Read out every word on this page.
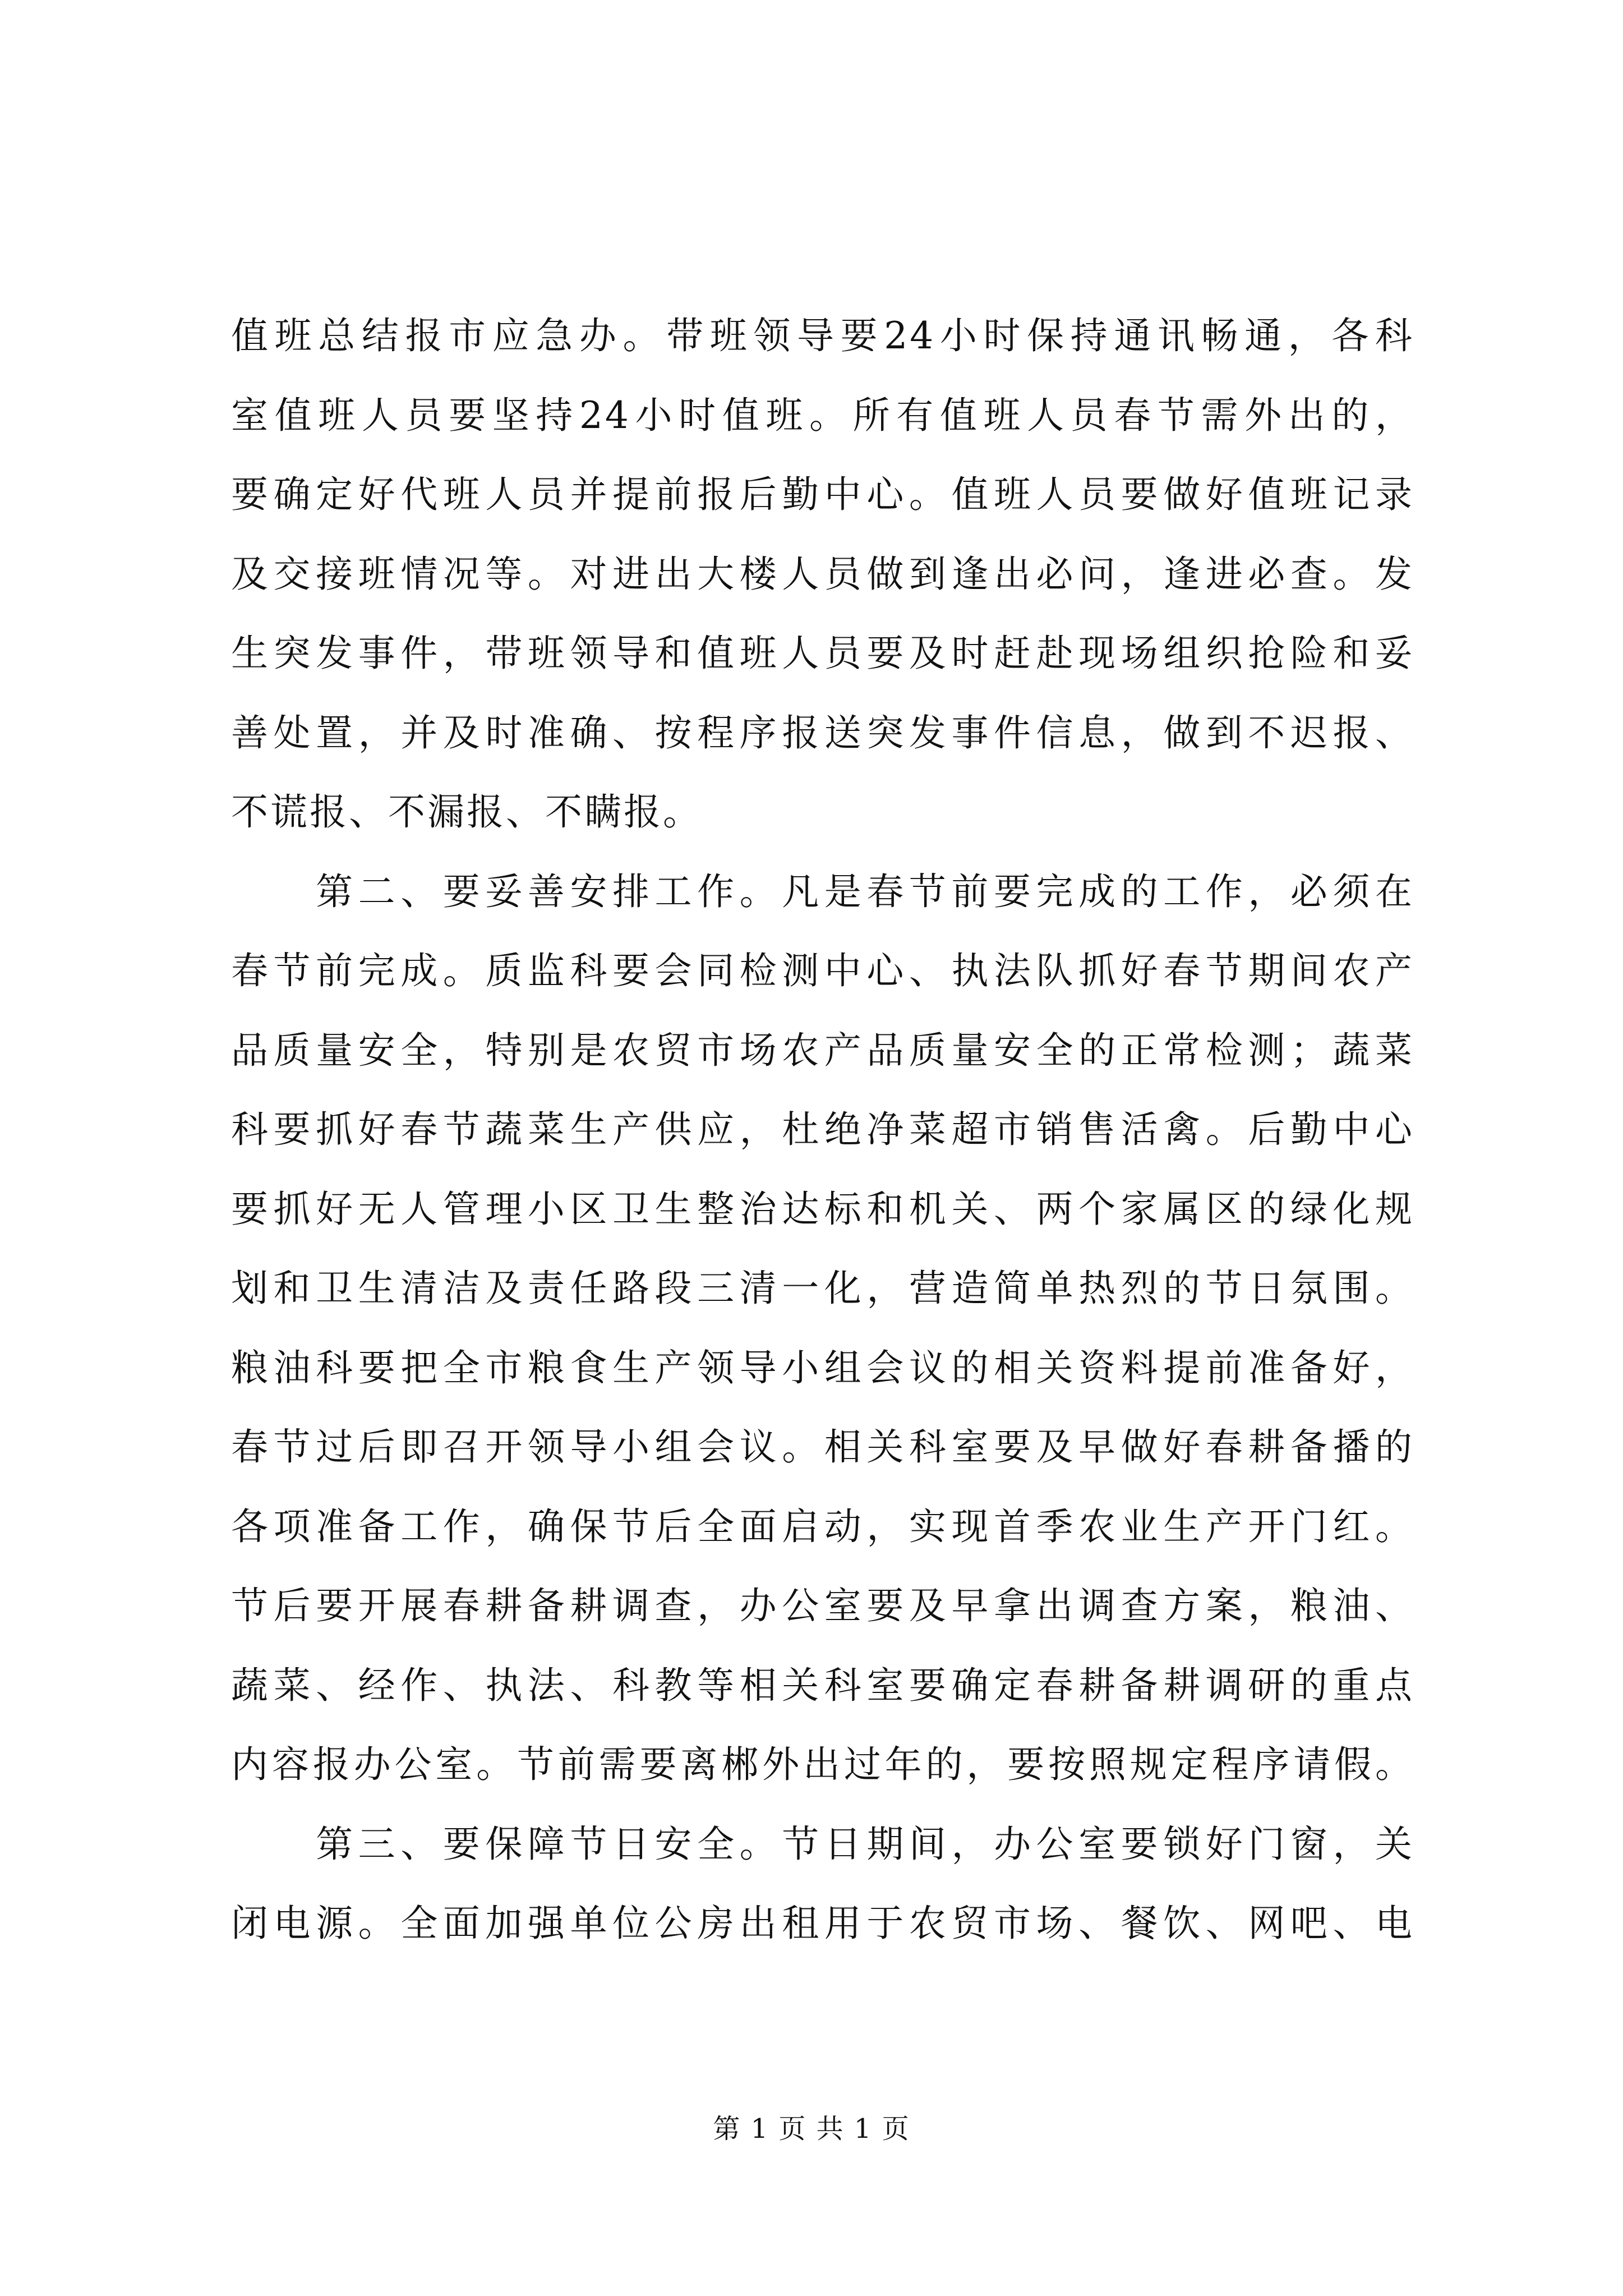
值班总结报市应急办。带班领导要24小时保持通讯畅通，各科
室值班人员要坚持24小时值班。所有值班人员春节需外出的，
要确定好代班人员并提前报后勤中心。值班人员要做好值班记录
及交接班情况等。对进出大楼人员做到逢出必问，逢进必查。发
生突发事件，带班领导和值班人员要及时赶赴现场组织抢险和妥
善处置，并及时准确、按程序报送突发事件信息，做到不迟报、
不谎报、不漏报、不瞒报。
　　第二、要妥善安排工作。凡是春节前要完成的工作，必须在
春节前完成。质监科要会同检测中心、执法队抓好春节期间农产
品质量安全，特别是农贸市场农产品质量安全的正常检测；蔬菜
科要抓好春节蔬菜生产供应，杜绝净菜超市销售活禽。后勤中心
要抓好无人管理小区卫生整治达标和机关、两个家属区的绿化规
划和卫生清洁及责任路段三清一化，营造简单热烈的节日氛围。
粮油科要把全市粮食生产领导小组会议的相关资料提前准备好，
春节过后即召开领导小组会议。相关科室要及早做好春耕备播的
各项准备工作，确保节后全面启动，实现首季农业生产开门红。
节后要开展春耕备耕调查，办公室要及早拿出调查方案，粮油、
蔬菜、经作、执法、科教等相关科室要确定春耕备耕调研的重点
内容报办公室。节前需要离郴外出过年的，要按照规定程序请假。
　　第三、要保障节日安全。节日期间，办公室要锁好门窗，关
闭电源。全面加强单位公房出租用于农贸市场、餐饮、网吧、电
第 1 页 共 1 页
